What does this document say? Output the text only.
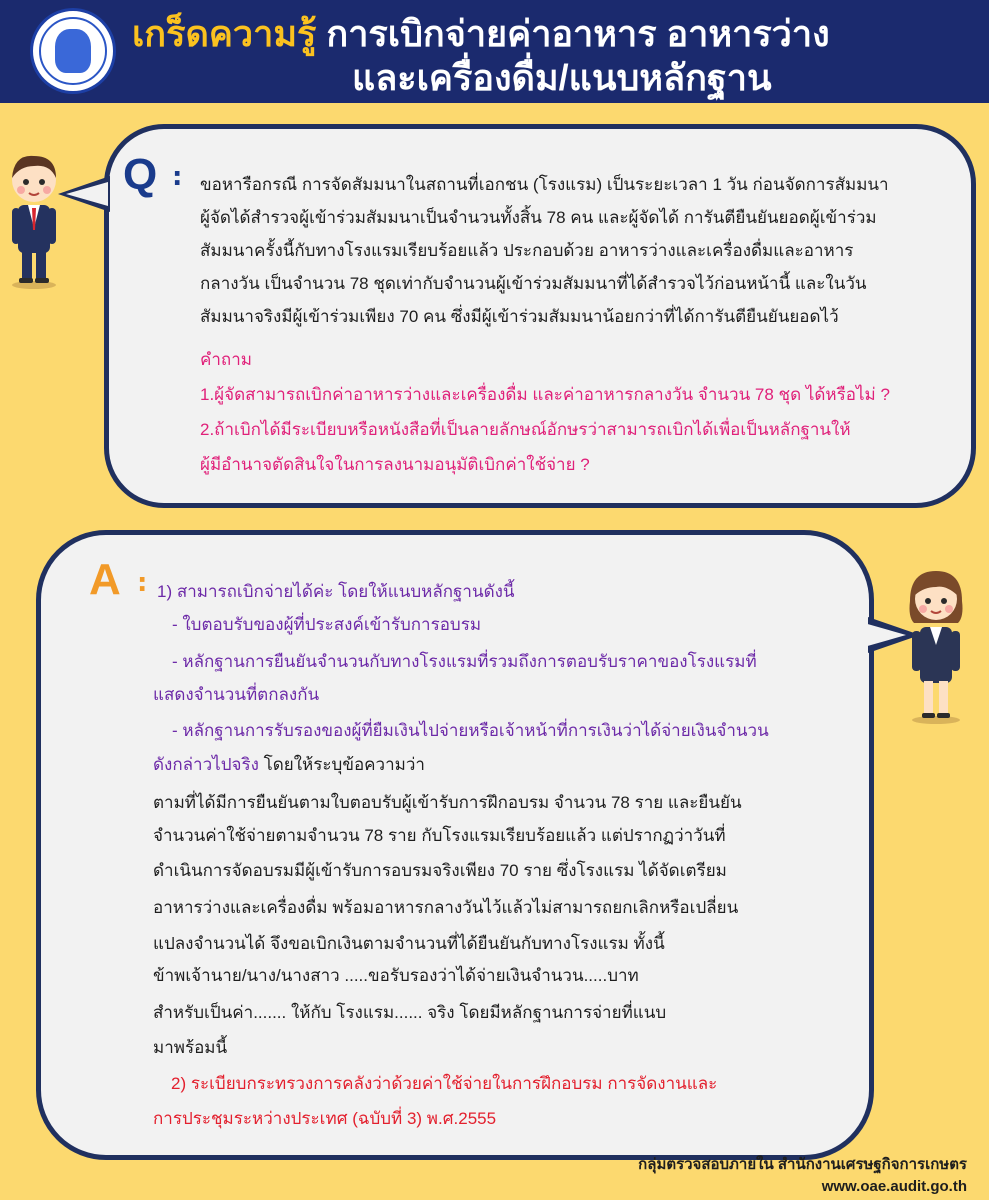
เกร็ดความรู้ การเบิกจ่ายค่าอาหาร อาหารว่าง
และเครื่องดื่ม/แนบหลักฐาน
Q : ขอหารือกรณี การจัดสัมมนาในสถานที่เอกชน (โรงแรม) เป็นระยะเวลา 1 วัน ก่อนจัดการสัมมนา
ผู้จัดได้สำรวจผู้เข้าร่วมสัมมนาเป็นจำนวนทั้งสิ้น 78 คน และผู้จัดได้ การันตียืนยันยอดผู้เข้าร่วม
สัมมนาครั้งนี้กับทางโรงแรมเรียบร้อยแล้ว ประกอบด้วย อาหารว่างและเครื่องดื่มและอาหาร
กลางวัน เป็นจำนวน 78 ชุดเท่ากับจำนวนผู้เข้าร่วมสัมมนาที่ได้สำรวจไว้ก่อนหน้านี้ และในวัน
สัมมนาจริงมีผู้เข้าร่วมเพียง 70 คน ซึ่งมีผู้เข้าร่วมสัมมนาน้อยกว่าที่ได้การันตียืนยันยอดไว้
คำถาม
1.ผู้จัดสามารถเบิกค่าอาหารว่างและเครื่องดื่ม และค่าอาหารกลางวัน จำนวน 78 ชุด ได้หรือไม่ ?
2.ถ้าเบิกได้มีระเบียบหรือหนังสือที่เป็นลายลักษณ์อักษรว่าสามารถเบิกได้เพื่อเป็นหลักฐานให้
ผู้มีอำนาจตัดสินใจในการลงนามอนุมัติเบิกค่าใช้จ่าย ?
A : 1) สามารถเบิกจ่ายได้ค่ะ โดยให้แนบหลักฐานดังนี้
- ใบตอบรับของผู้ที่ประสงค์เข้ารับการอบรม
- หลักฐานการยืนยันจำนวนกับทางโรงแรมที่รวมถึงการตอบรับราคาของโรงแรมที่
แสดงจำนวนที่ตกลงกัน
- หลักฐานการรับรองของผู้ที่ยืมเงินไปจ่ายหรือเจ้าหน้าที่การเงินว่าได้จ่ายเงินจำนวน
ดังกล่าวไปจริง โดยให้ระบุข้อความว่า
ตามที่ได้มีการยืนยันตามใบตอบรับผู้เข้ารับการฝึกอบรม จำนวน 78 ราย และยืนยัน
จำนวนค่าใช้จ่ายตามจำนวน 78 ราย กับโรงแรมเรียบร้อยแล้ว แต่ปรากฏว่าวันที่
ดำเนินการจัดอบรมมีผู้เข้ารับการอบรมจริงเพียง 70 ราย ซึ่งโรงแรม ได้จัดเตรียม
อาหารว่างและเครื่องดื่ม พร้อมอาหารกลางวันไว้แล้วไม่สามารถยกเลิกหรือเปลี่ยน
แปลงจำนวนได้ จึงขอเบิกเงินตามจำนวนที่ได้ยืนยันกับทางโรงแรม ทั้งนี้
ข้าพเจ้านาย/นาง/นางสาว .....ขอรับรองว่าได้จ่ายเงินจำนวน.....บาท
สำหรับเป็นค่า....... ให้กับ โรงแรม...... จริง โดยมีหลักฐานการจ่ายที่แนบ
มาพร้อมนี้
2) ระเบียบกระทรวงการคลังว่าด้วยค่าใช้จ่ายในการฝึกอบรม การจัดงานและ
การประชุมระหว่างประเทศ (ฉบับที่ 3) พ.ศ.2555
กลุ่มตรวจสอบภายใน สำนักงานเศรษฐกิจการเกษตร
www.oae.audit.go.th
